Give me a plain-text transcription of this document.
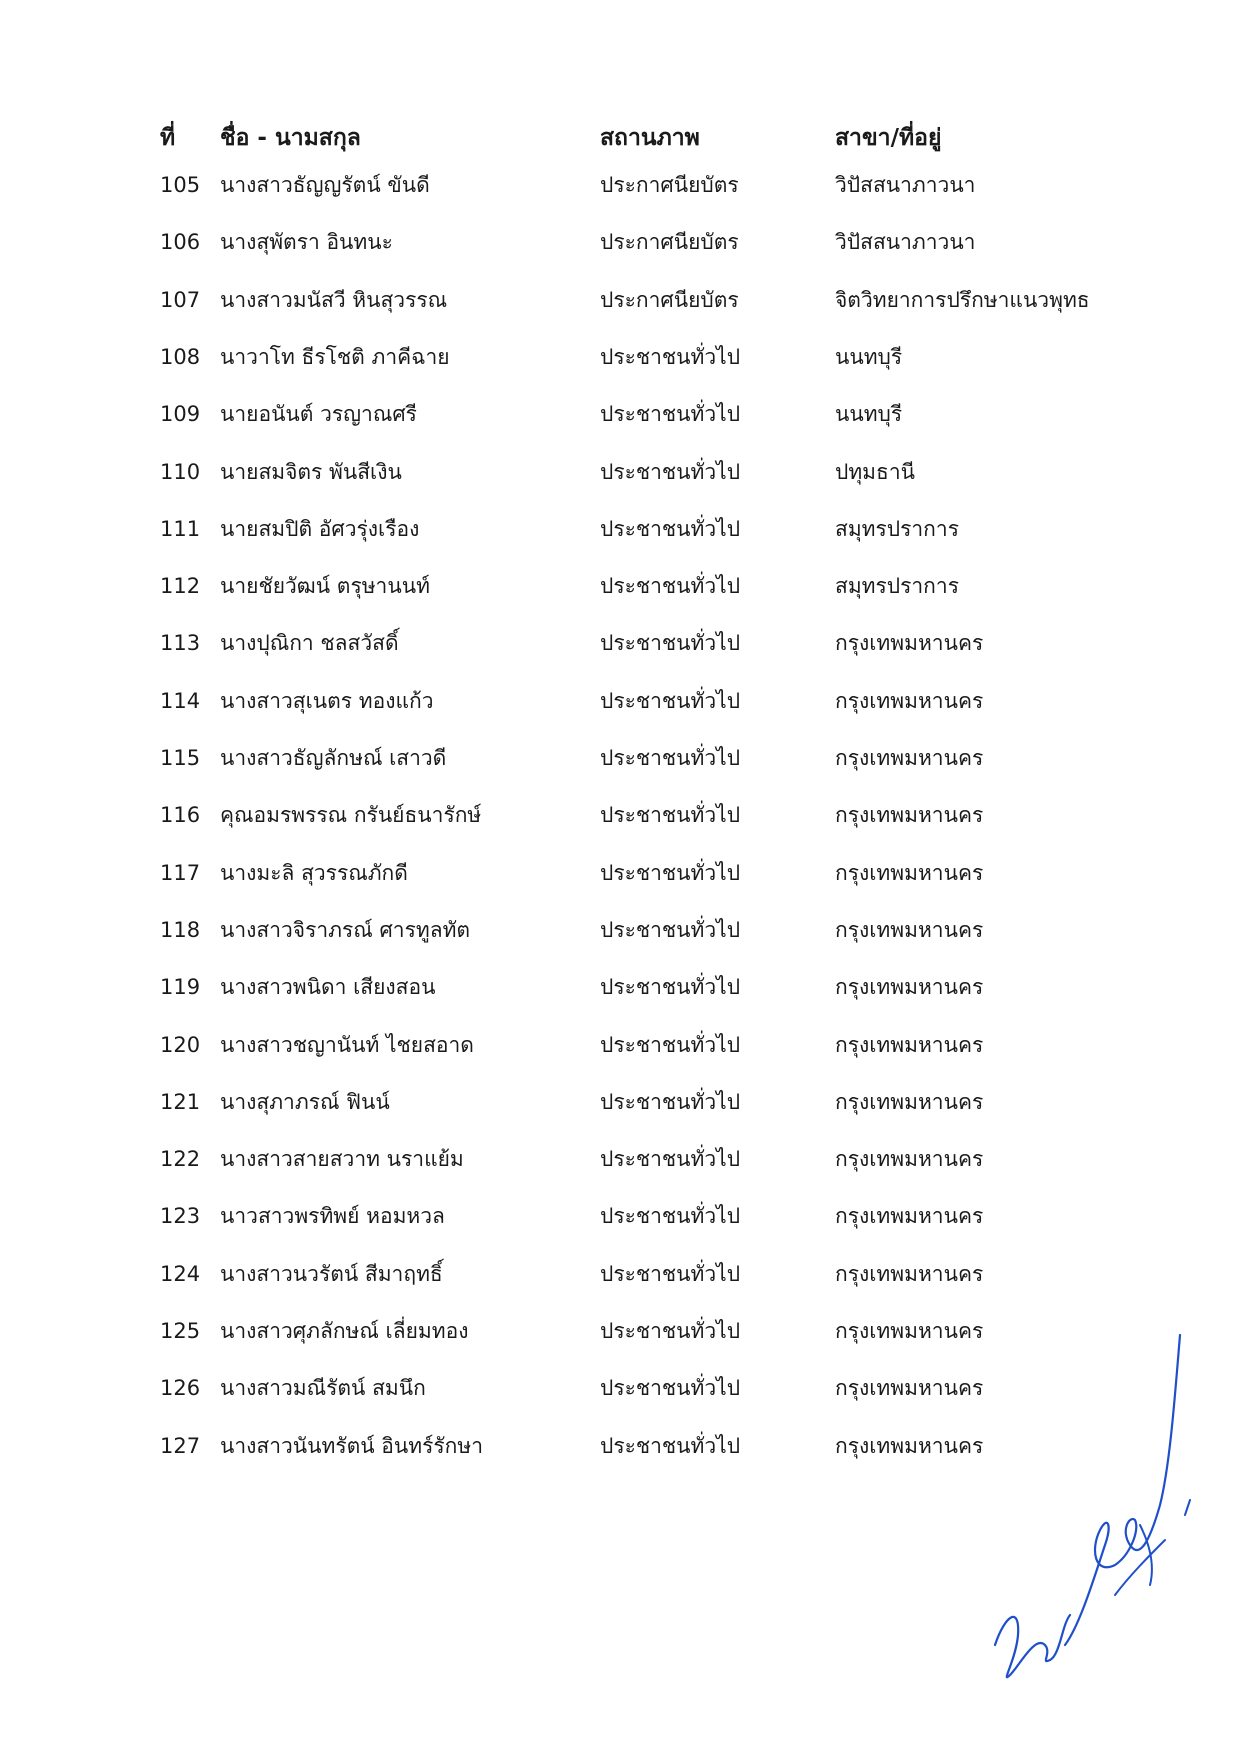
ที่ ชื่อ - นามสกุล	สถานภาพ	สาขา/ที่อยู่
105 นางสาวธัญญรัตน์ ขันดี	ประกาศนียบัตร	วิปัสสนาภาวนา
106 นางสุพัตรา อินทนะ	ประกาศนียบัตร	วิปัสสนาภาวนา
107 นางสาวมนัสวี หินสุวรรณ	ประกาศนียบัตร	จิตวิทยาการปรึกษาแนวพุทธ
108 นาวาโท ธีรโชติ ภาคีฉาย	ประชาชนทั่วไป	นนทบุรี
109 นายอนันต์ วรญาณศรี	ประชาชนทั่วไป	นนทบุรี
110 นายสมจิตร พันสีเงิน	ประชาชนทั่วไป	ปทุมธานี
111 นายสมปิติ อัศวรุ่งเรือง	ประชาชนทั่วไป	สมุทรปราการ
112 นายชัยวัฒน์ ตรุษานนท์	ประชาชนทั่วไป	สมุทรปราการ
113 นางปุณิกา ชลสวัสดิ์	ประชาชนทั่วไป	กรุงเทพมหานคร
114 นางสาวสุเนตร ทองแก้ว	ประชาชนทั่วไป	กรุงเทพมหานคร
115 นางสาวธัญลักษณ์ เสาวดี	ประชาชนทั่วไป	กรุงเทพมหานคร
116 คุณอมรพรรณ กรันย์ธนารักษ์	ประชาชนทั่วไป	กรุงเทพมหานคร
117 นางมะลิ สุวรรณภักดี	ประชาชนทั่วไป	กรุงเทพมหานคร
118 นางสาวจิราภรณ์ ศารทูลทัต	ประชาชนทั่วไป	กรุงเทพมหานคร
119 นางสาวพนิดา เสียงสอน	ประชาชนทั่วไป	กรุงเทพมหานคร
120 นางสาวชญานันท์ ไชยสอาด	ประชาชนทั่วไป	กรุงเทพมหานคร
121 นางสุภาภรณ์ ฟินน์	ประชาชนทั่วไป	กรุงเทพมหานคร
122 นางสาวสายสวาท นราแย้ม	ประชาชนทั่วไป	กรุงเทพมหานคร
123 นาวสาวพรทิพย์ หอมหวล	ประชาชนทั่วไป	กรุงเทพมหานคร
124 นางสาวนวรัตน์ สีมาฤทธิ์	ประชาชนทั่วไป	กรุงเทพมหานคร
125 นางสาวศุภลักษณ์ เลี่ยมทอง	ประชาชนทั่วไป	กรุงเทพมหานคร
126 นางสาวมณีรัตน์ สมนึก	ประชาชนทั่วไป	กรุงเทพมหานคร
127 นางสาวนันทรัตน์ อินทร์รักษา	ประชาชนทั่วไป	กรุงเทพมหานคร
